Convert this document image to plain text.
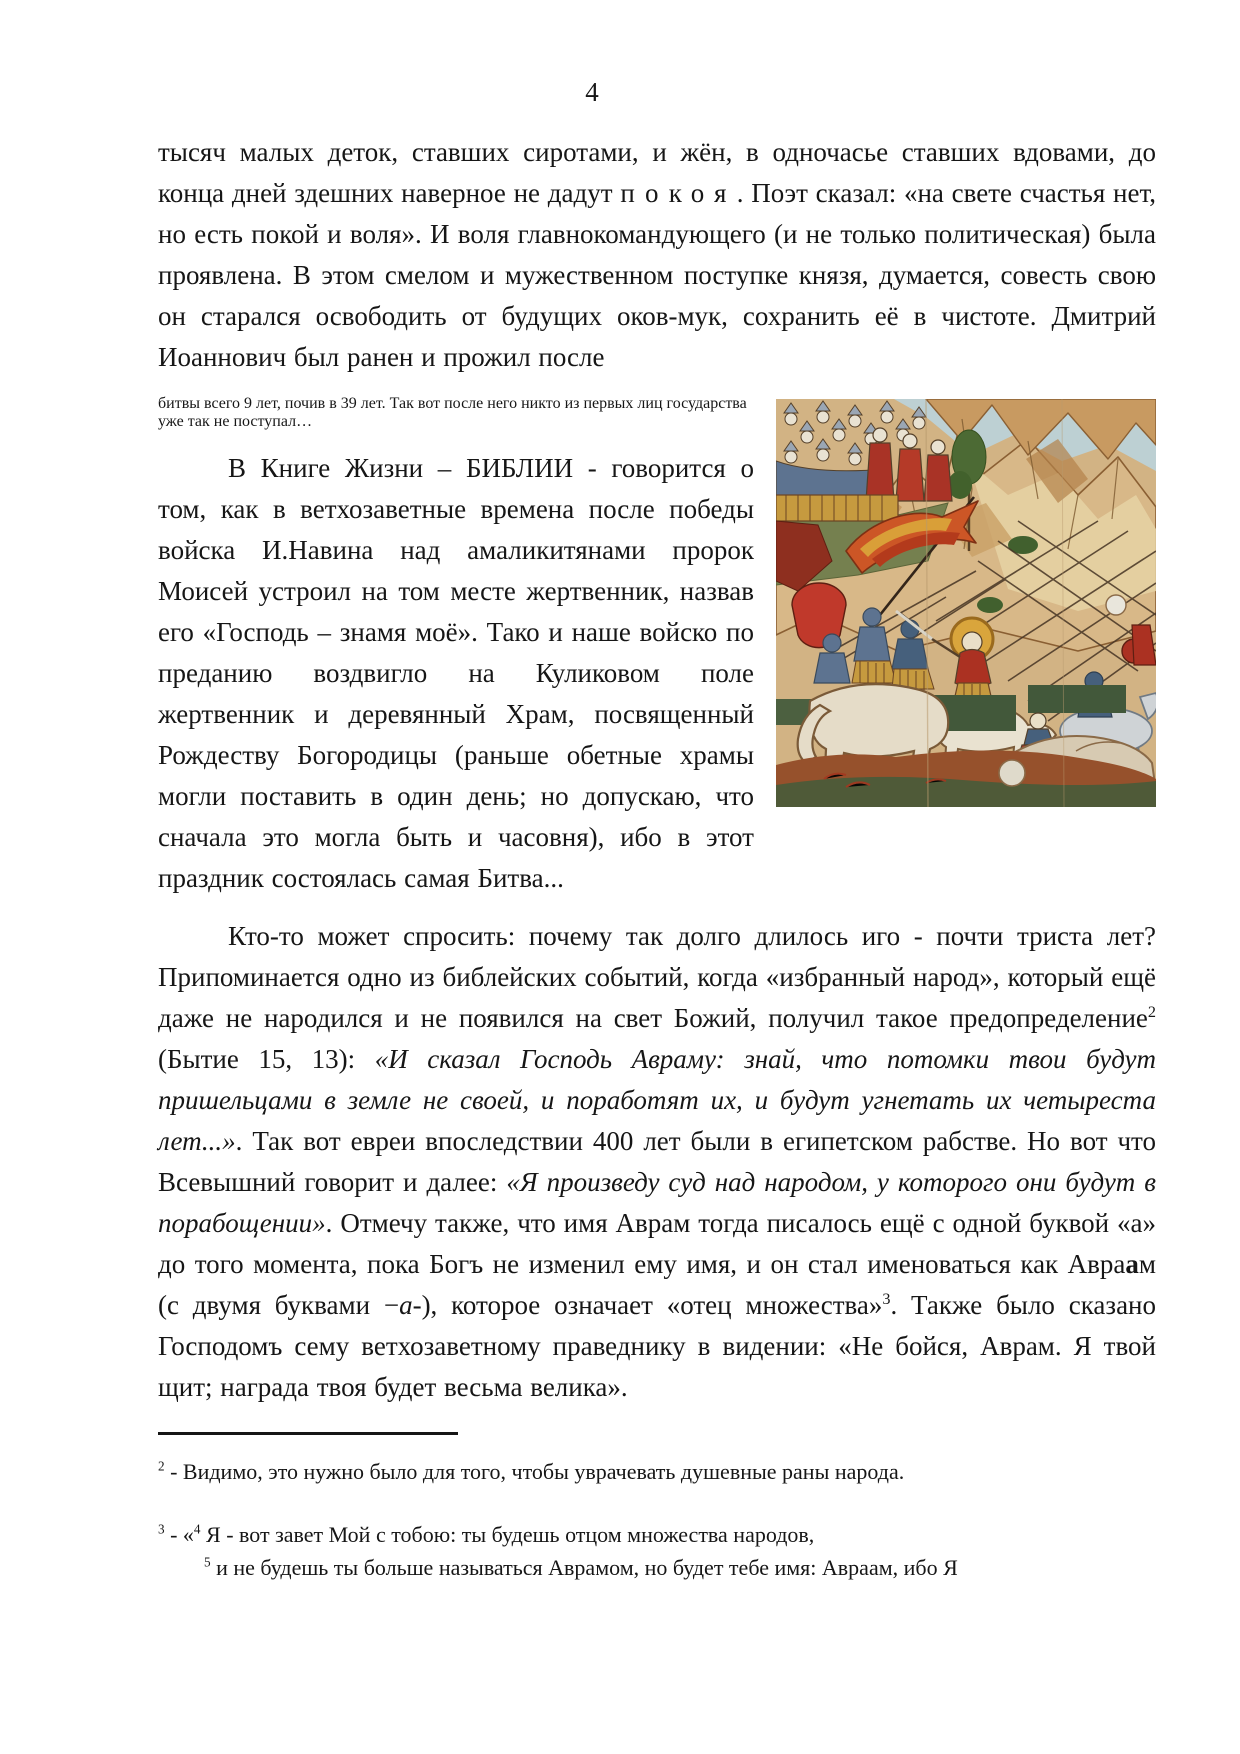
4

тысяч малых деток, ставших сиротами, и жён, в одночасье ставших вдовами, до конца дней здешних наверное не дадут покоя. Поэт сказал: «на свете счастья нет, но есть покой и воля». И воля главнокомандующего (и не только политическая) была проявлена. В этом смелом и мужественном поступке князя, думается, совесть свою он старался освободить от будущих оков-мук, сохранить её в чистоте. Дмитрий Иоаннович был ранен и прожил после

битвы всего 9 лет, почив в 39 лет. Так вот после него никто из первых лиц государства уже так не поступал…

В Книге Жизни – БИБЛИИ - говорится о том, как в ветхозаветные времена после победы войска И.Навина над амаликитянами пророк Моисей устроил на том месте жертвенник, назвав его «Господь – знамя моё». Тако и наше войско по преданию воздвигло на Куликовом поле жертвенник и деревянный Храм, посвященный Рождеству Богородицы (раньше обетные храмы могли поставить в один день; но допускаю, что сначала это могла быть и часовня), ибо в этот праздник состоялась самая Битва...

Кто-то может спросить: почему так долго длилось иго - почти триста лет? Припоминается одно из библейских событий, когда «избранный народ», который ещё даже не народился и не появился на свет Божий, получил такое предопределение$^2$ (Бытие 15, 13): «И сказал Господь Авраму: знай, что потомки твои будут пришельцами в земле не своей, и поработят их, и будут угнетать их четыреста лет...». Так вот евреи впоследствии 400 лет были в египетском рабстве. Но вот что Всевышний говорит и далее: «Я произведу суд над народом, у которого они будут в порабощении». Отмечу также, что имя Аврам тогда писалось ещё с одной буквой «а» до того момента, пока Богъ не изменил ему имя, и он стал именоваться как Авраам (с двумя буквами −а-), которое означает «отец множества»$^3$. Также было сказано Господомъ сему ветхозаветному праведнику в видении: «Не бойся, Аврам. Я твой щит; награда твоя будет весьма велика».

$^2$ - Видимо, это нужно было для того, чтобы уврачевать душевные раны народа.
$^3$ - «$^4$ Я - вот завет Мой с тобою: ты будешь отцом множества народов,
$^5$ и не будешь ты больше называться Аврамом, но будет тебе имя: Авраам, ибо Я
